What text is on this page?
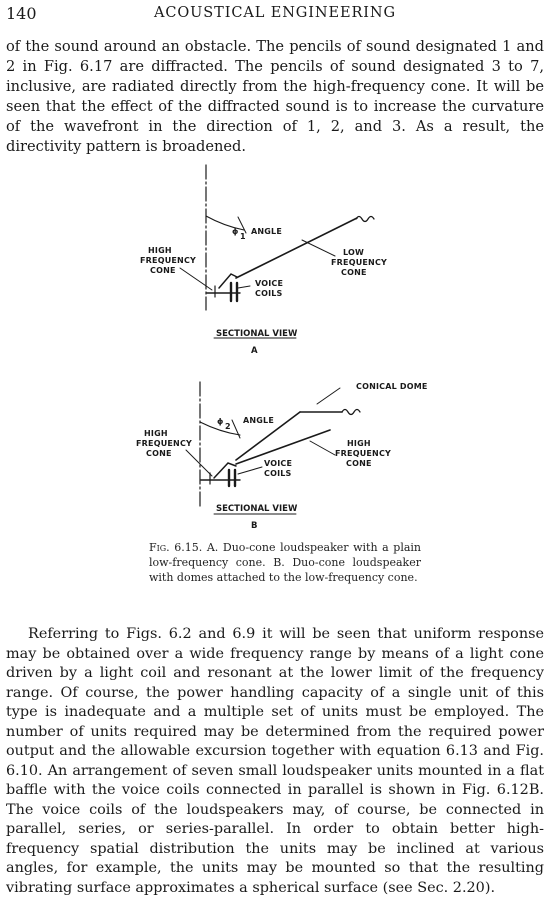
140	ACOUSTICAL ENGINEERING

of the sound around an obstacle. The pencils of sound designated 1 and 2 in Fig. 6.17 are diffracted. The pencils of sound designated 3 to 7, inclusive, are radiated directly from the high-frequency cone. It will be seen that the effect of the diffracted sound is to increase the curvature of the wavefront in the direction of 1, 2, and 3. As a result, the directivity pattern is broadened.

ϕ
1
ANGLE
HIGH
FREQUENCY
CONE
LOW
FREQUENCY
CONE
VOICE
COILS
SECTIONAL VIEW
A
CONICAL DOME
ϕ
2
ANGLE
HIGH
FREQUENCY
CONE
HIGH
FREQUENCY
CONE
VOICE
COILS
SECTIONAL VIEW
B
Fig. 6.15. A. Duo-cone loudspeaker with a plain low-frequency cone. B. Duo-cone loudspeaker with domes attached to the low-frequency cone.

Referring to Figs. 6.2 and 6.9 it will be seen that uniform response may be obtained over a wide frequency range by means of a light cone driven by a light coil and resonant at the lower limit of the frequency range. Of course, the power handling capacity of a single unit of this type is inadequate and a multiple set of units must be employed. The number of units required may be determined from the required power output and the allowable excursion together with equation 6.13 and Fig. 6.10. An arrangement of seven small loudspeaker units mounted in a flat baffle with the voice coils connected in parallel is shown in Fig. 6.12B. The voice coils of the loudspeakers may, of course, be connected in parallel, series, or series-parallel. In order to obtain better high-frequency spatial distribution the units may be inclined at various angles, for example, the units may be mounted so that the resulting vibrating surface approximates a spherical surface (see Sec. 2.20).
